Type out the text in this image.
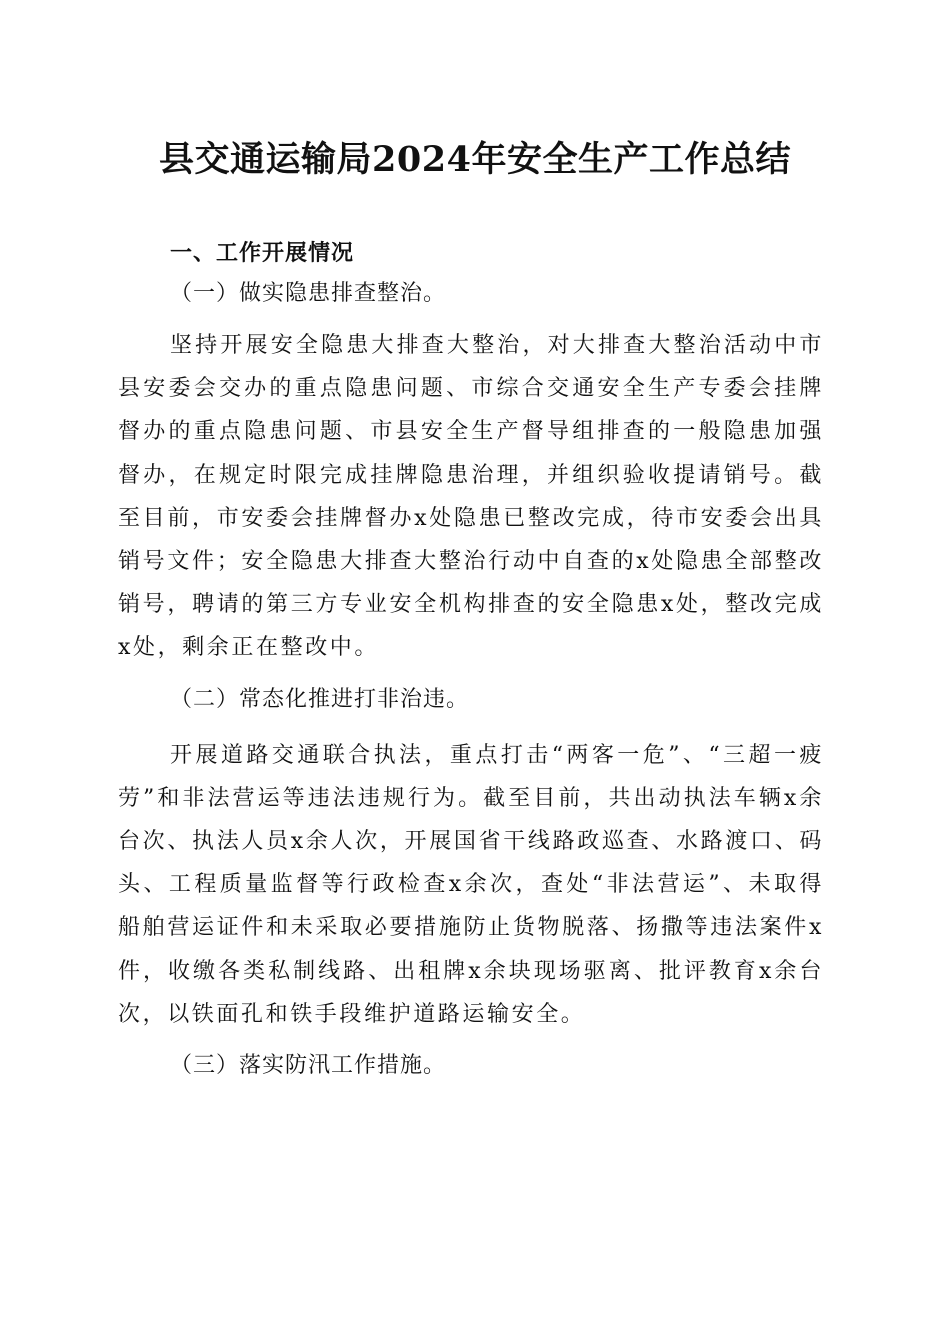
县交通运输局2024年安全生产工作总结

一、工作开展情况

（一）做实隐患排查整治。

坚持开展安全隐患大排查大整治，对大排查大整治活动中市县安委会交办的重点隐患问题、市综合交通安全生产专委会挂牌督办的重点隐患问题、市县安全生产督导组排查的一般隐患加强督办，在规定时限完成挂牌隐患治理，并组织验收提请销号。截至目前，市安委会挂牌督办x处隐患已整改完成，待市安委会出具销号文件；安全隐患大排查大整治行动中自查的x处隐患全部整改销号，聘请的第三方专业安全机构排查的安全隐患x处，整改完成x处，剩余正在整改中。

（二）常态化推进打非治违。

开展道路交通联合执法，重点打击“两客一危”、“三超一疲劳”和非法营运等违法违规行为。截至目前，共出动执法车辆x余台次、执法人员x余人次，开展国省干线路政巡查、水路渡口、码头、工程质量监督等行政检查x余次，查处“非法营运”、未取得船舶营运证件和未采取必要措施防止货物脱落、扬撒等违法案件x件，收缴各类私制线路、出租牌x余块现场驱离、批评教育x余台次，以铁面孔和铁手段维护道路运输安全。

（三）落实防汛工作措施。
